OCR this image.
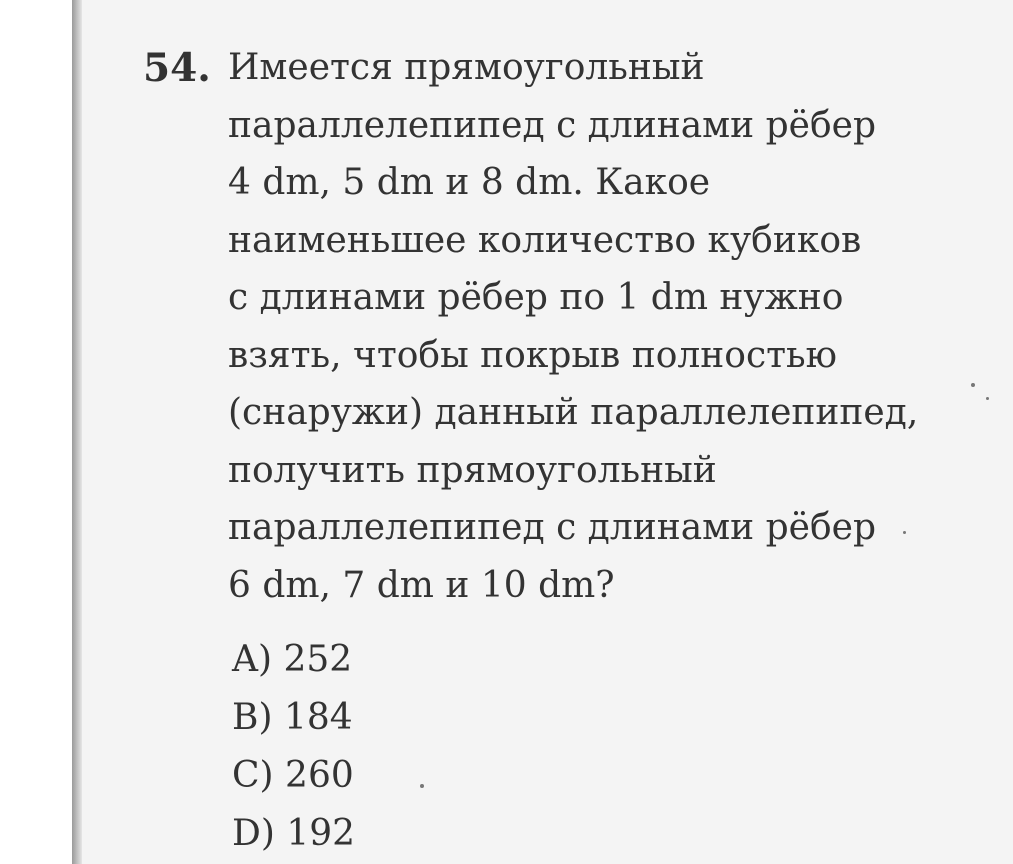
54. Имеется прямоугольный
параллелепипед с длинами рёбер
4 dm, 5 dm и 8 dm. Какое
наименьшее количество кубиков
с длинами рёбер по 1 dm нужно
взять, чтобы покрыв полностью
(снаружи) данный параллелепипед,
получить прямоугольный
параллелепипед с длинами рёбер
6 dm, 7 dm и 10 dm?
A) 252
B) 184
C) 260
D) 192
